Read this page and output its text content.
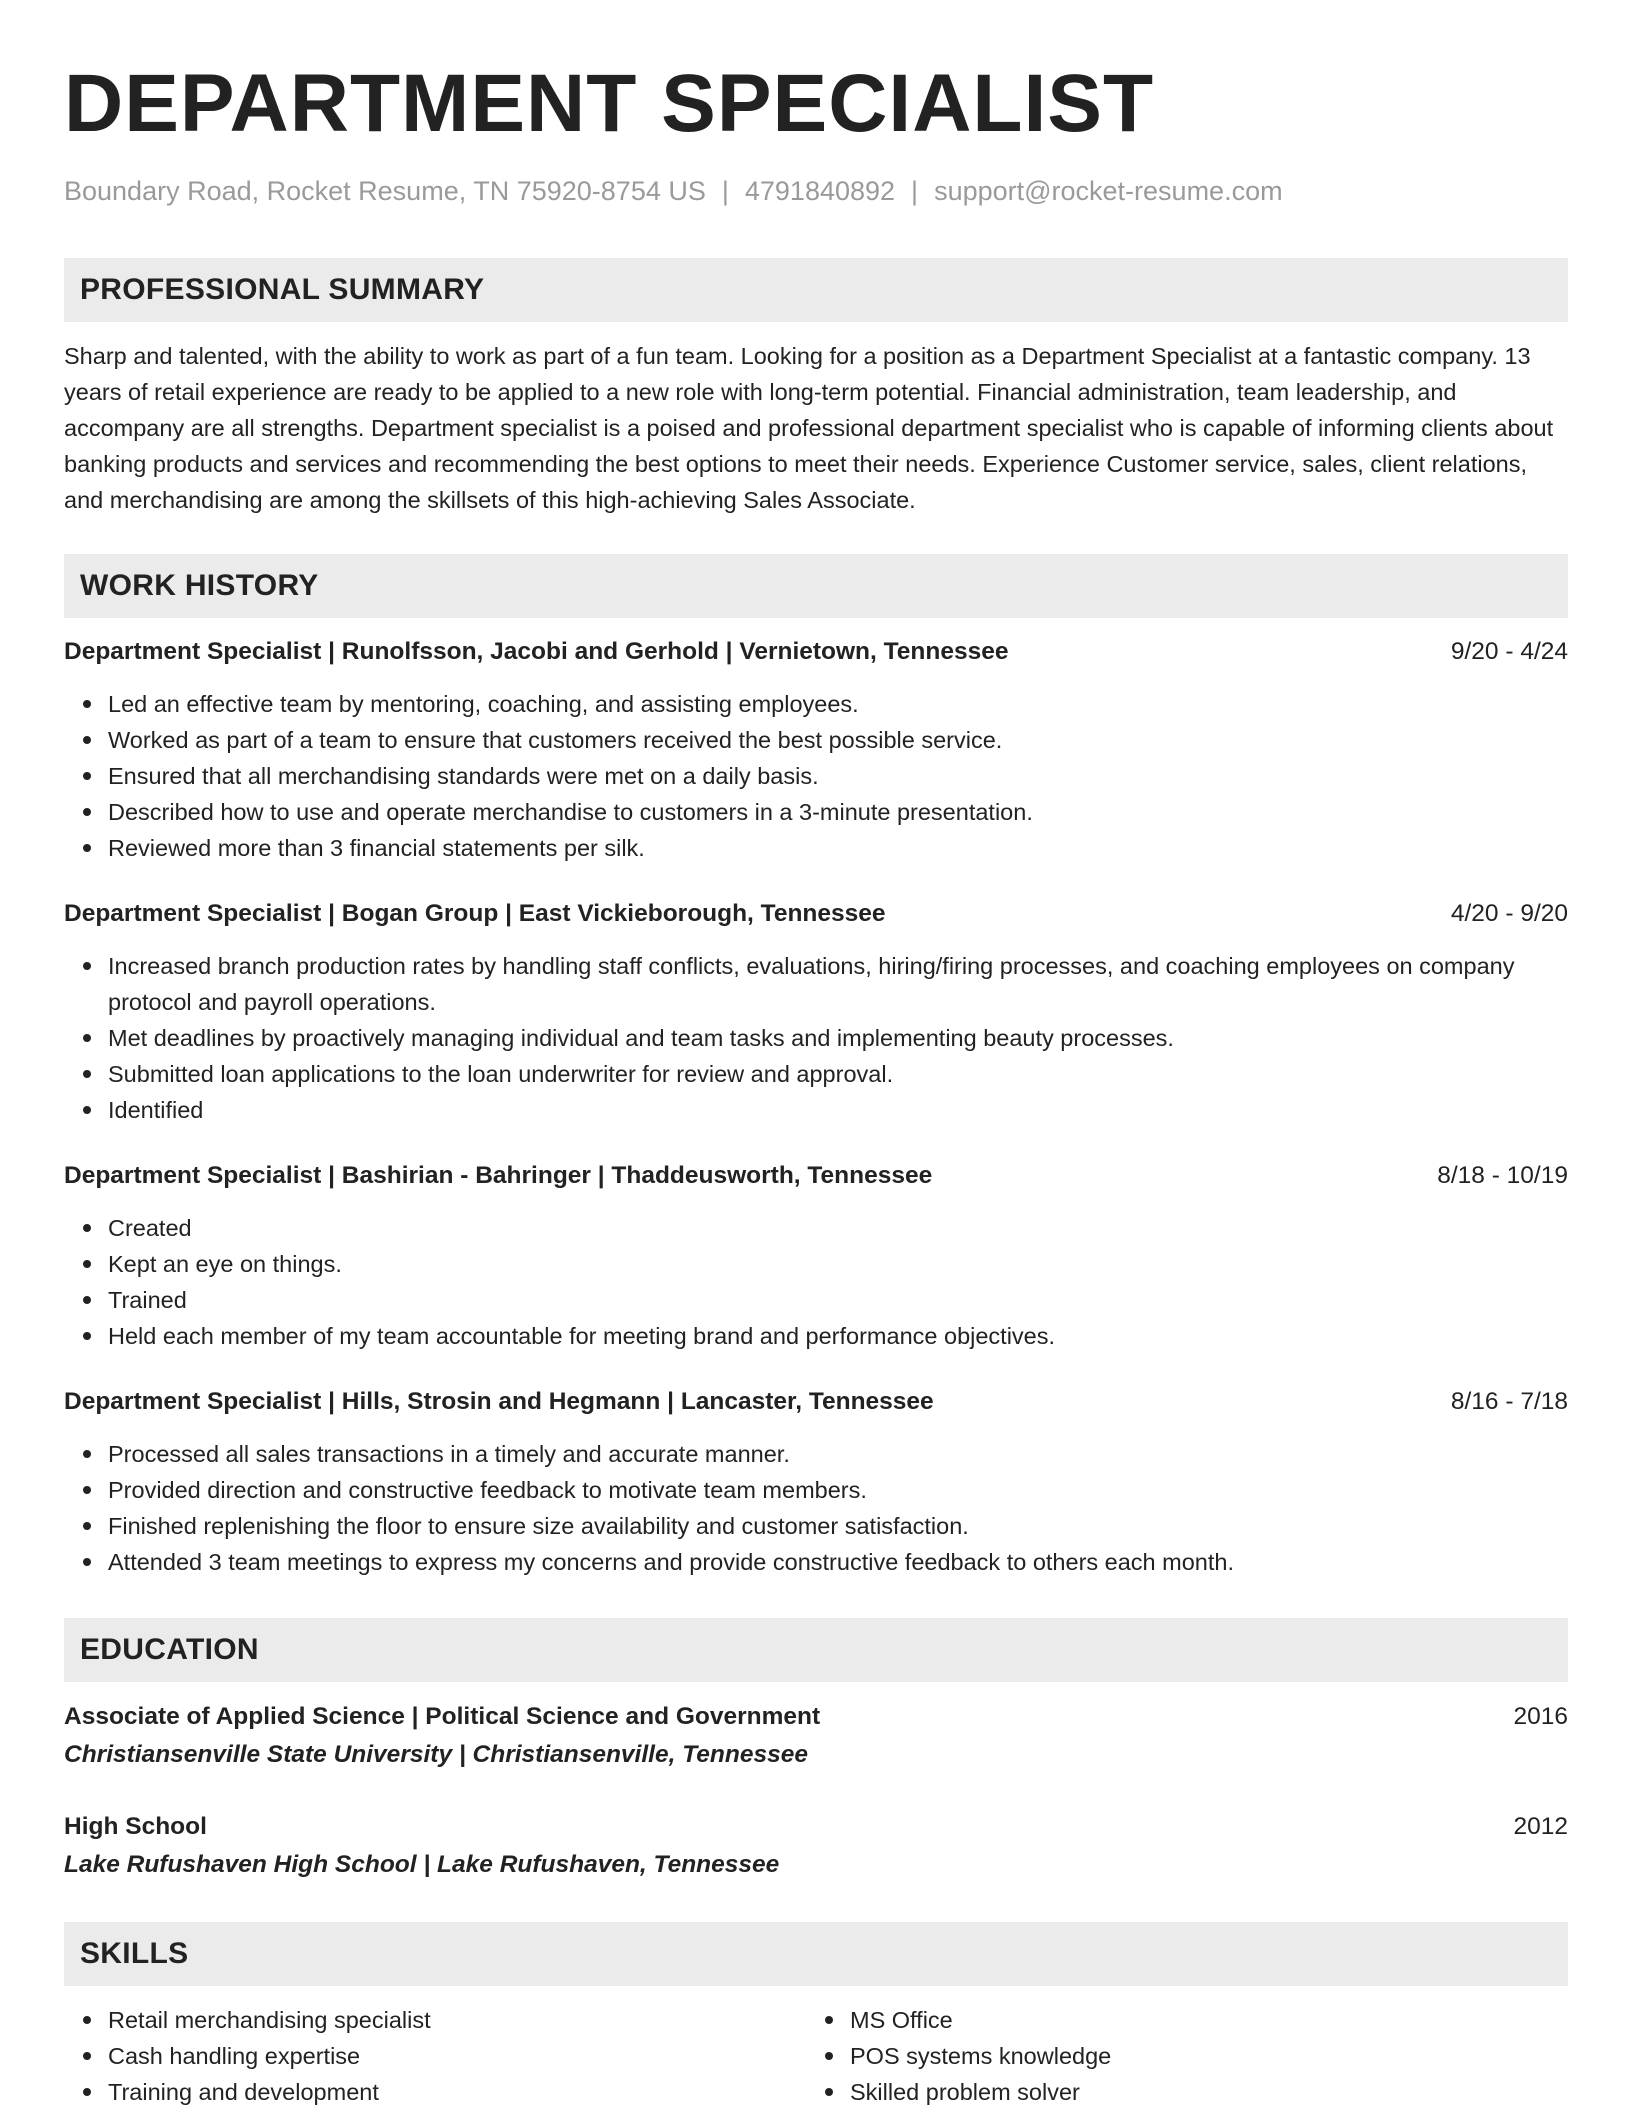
DEPARTMENT SPECIALIST
Boundary Road, Rocket Resume, TN 75920-8754 US | 4791840892 | support@rocket-resume.com
PROFESSIONAL SUMMARY
Sharp and talented, with the ability to work as part of a fun team. Looking for a position as a Department Specialist at a fantastic company. 13 years of retail experience are ready to be applied to a new role with long-term potential. Financial administration, team leadership, and accompany are all strengths. Department specialist is a poised and professional department specialist who is capable of informing clients about banking products and services and recommending the best options to meet their needs. Experience Customer service, sales, client relations, and merchandising are among the skillsets of this high-achieving Sales Associate.
WORK HISTORY
Department Specialist | Runolfsson, Jacobi and Gerhold | Vernietown, Tennessee	9/20 - 4/24
Led an effective team by mentoring, coaching, and assisting employees.
Worked as part of a team to ensure that customers received the best possible service.
Ensured that all merchandising standards were met on a daily basis.
Described how to use and operate merchandise to customers in a 3-minute presentation.
Reviewed more than 3 financial statements per silk.
Department Specialist | Bogan Group | East Vickieborough, Tennessee	4/20 - 9/20
Increased branch production rates by handling staff conflicts, evaluations, hiring/firing processes, and coaching employees on company protocol and payroll operations.
Met deadlines by proactively managing individual and team tasks and implementing beauty processes.
Submitted loan applications to the loan underwriter for review and approval.
Identified
Department Specialist | Bashirian - Bahringer | Thaddeusworth, Tennessee	8/18 - 10/19
Created
Kept an eye on things.
Trained
Held each member of my team accountable for meeting brand and performance objectives.
Department Specialist | Hills, Strosin and Hegmann | Lancaster, Tennessee	8/16 - 7/18
Processed all sales transactions in a timely and accurate manner.
Provided direction and constructive feedback to motivate team members.
Finished replenishing the floor to ensure size availability and customer satisfaction.
Attended 3 team meetings to express my concerns and provide constructive feedback to others each month.
EDUCATION
Associate of Applied Science | Political Science and Government	2016
Christiansenville State University | Christiansenville, Tennessee
High School	2012
Lake Rufushaven High School | Lake Rufushaven, Tennessee
SKILLS
Retail merchandising specialist
Cash handling expertise
Training and development
MS Office
POS systems knowledge
Skilled problem solver
